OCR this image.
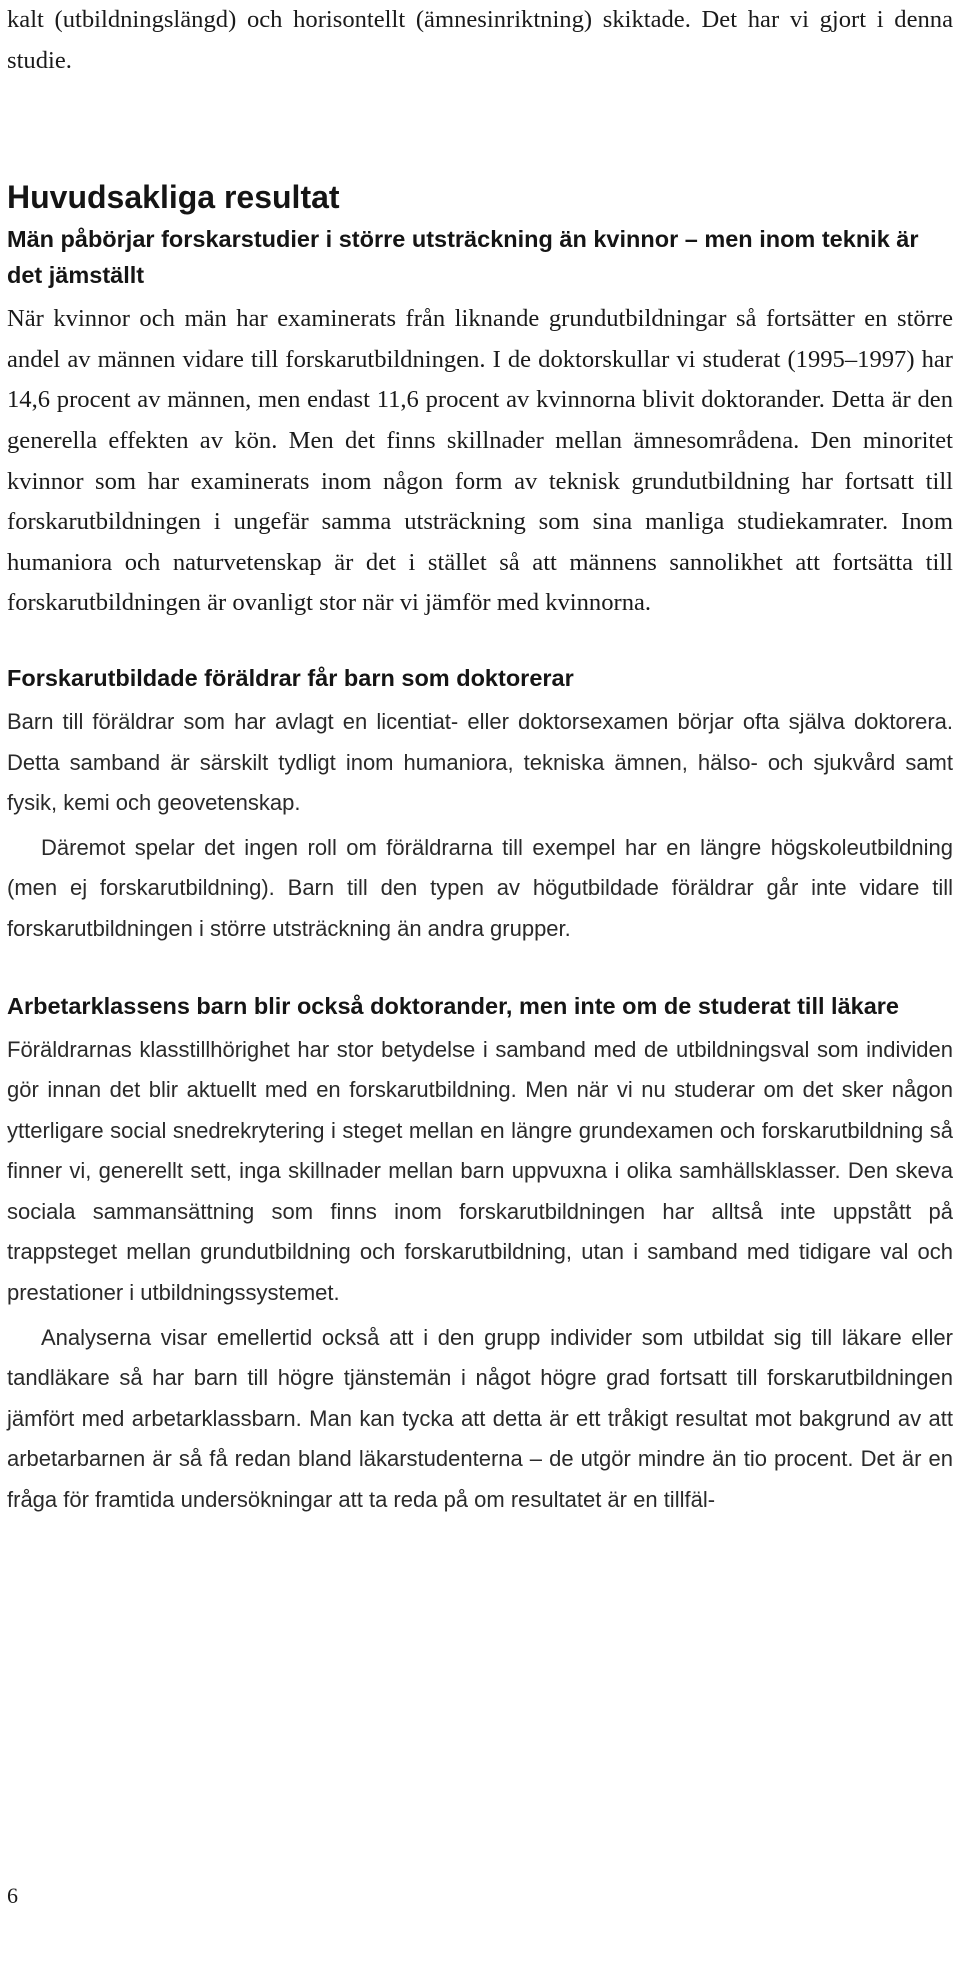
kalt (utbildningslängd) och horisontellt (ämnesinriktning) skiktade. Det har vi gjort i denna studie.

Huvudsakliga resultat
Män påbörjar forskarstudier i större utsträckning än kvinnor – men inom teknik är det jämställt

När kvinnor och män har examinerats från liknande grundutbildningar så fortsätter en större andel av männen vidare till forskarutbildningen. I de doktorskullar vi studerat (1995–1997) har 14,6 procent av männen, men endast 11,6 procent av kvinnorna blivit doktorander. Detta är den generella effekten av kön. Men det finns skillnader mellan ämnesområdena. Den minoritet kvinnor som har examinerats inom någon form av teknisk grundutbildning har fortsatt till forskarutbildningen i ungefär samma utsträckning som sina manliga studiekamrater. Inom humaniora och naturvetenskap är det i stället så att männens sannolikhet att fortsätta till forskarutbildningen är ovanligt stor när vi jämför med kvinnorna.

Forskarutbildade föräldrar får barn som doktorerar

Barn till föräldrar som har avlagt en licentiat- eller doktorsexamen börjar ofta själva doktorera. Detta samband är särskilt tydligt inom humaniora, tekniska ämnen, hälso- och sjukvård samt fysik, kemi och geovetenskap.

Däremot spelar det ingen roll om föräldrarna till exempel har en längre högskoleutbildning (men ej forskarutbildning). Barn till den typen av högutbildade föräldrar går inte vidare till forskarutbildningen i större utsträckning än andra grupper.

Arbetarklassens barn blir också doktorander, men inte om de studerat till läkare

Föräldrarnas klasstillhörighet har stor betydelse i samband med de utbildningsval som individen gör innan det blir aktuellt med en forskarutbildning. Men när vi nu studerar om det sker någon ytterligare social snedrekrytering i steget mellan en längre grundexamen och forskarutbildning så finner vi, generellt sett, inga skillnader mellan barn uppvuxna i olika samhällsklasser. Den skeva sociala sammansättning som finns inom forskarutbildningen har alltså inte uppstått på trappsteget mellan grundutbildning och forskarutbildning, utan i samband med tidigare val och prestationer i utbildningssystemet.

Analyserna visar emellertid också att i den grupp individer som utbildat sig till läkare eller tandläkare så har barn till högre tjänstemän i något högre grad fortsatt till forskarutbildningen jämfört med arbetarklassbarn. Man kan tycka att detta är ett tråkigt resultat mot bakgrund av att arbetarbarnen är så få redan bland läkarstudenterna – de utgör mindre än tio procent. Det är en fråga för framtida undersökningar att ta reda på om resultatet är en tillfäl-

6
